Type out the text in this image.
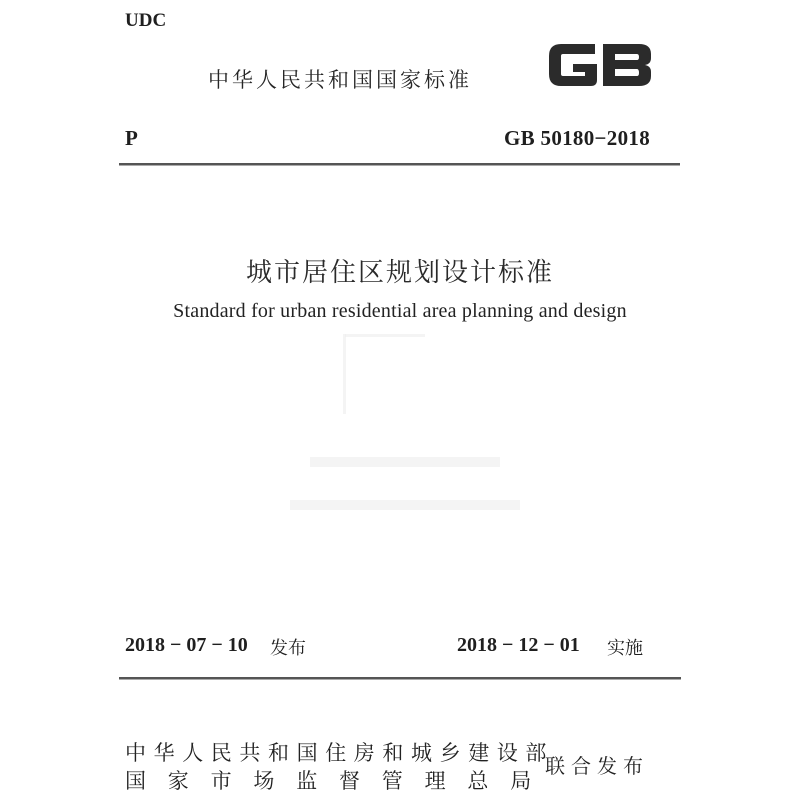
UDC
中华人民共和国国家标准
P	GB 50180−2018
城市居住区规划设计标准
Standard for urban residential area planning and design
2018 − 07 − 10 发布	2018 − 12 − 01 实施
中华人民共和国住房和城乡建设部
国家市场监督管理总局
联合发布
